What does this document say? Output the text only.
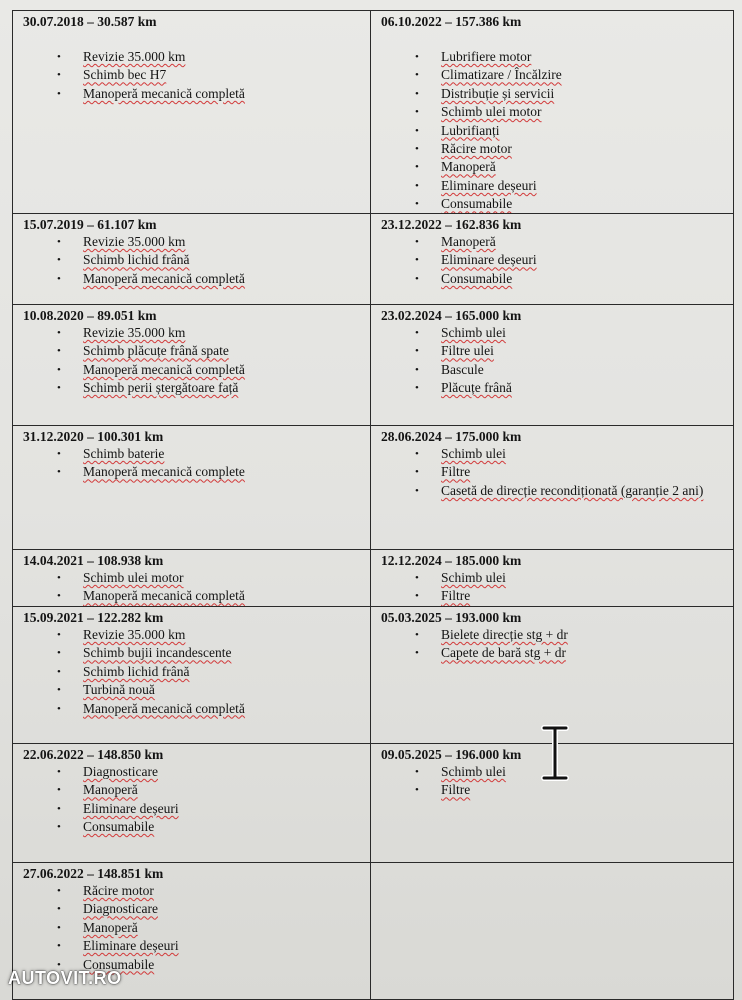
30.07.2018 – 30.587 km
• Revizie 35.000 km
• Schimb bec H7
• Manoperă mecanică completă
06.10.2022 – 157.386 km
• Lubrifiere motor
• Climatizare / Încălzire
• Distribuție și servicii
• Schimb ulei motor
• Lubrifianți
• Răcire motor
• Manoperă
• Eliminare deșeuri
• Consumabile
15.07.2019 – 61.107 km
• Revizie 35.000 km
• Schimb lichid frână
• Manoperă mecanică completă
23.12.2022 – 162.836 km
• Manoperă
• Eliminare deșeuri
• Consumabile
10.08.2020 – 89.051 km
• Revizie 35.000 km
• Schimb plăcuțe frână spate
• Manoperă mecanică completă
• Schimb perii ștergătoare față
23.02.2024 – 165.000 km
• Schimb ulei
• Filtre ulei
• Bascule
• Plăcuțe frână
31.12.2020 – 100.301 km
• Schimb baterie
• Manoperă mecanică complete
28.06.2024 – 175.000 km
• Schimb ulei
• Filtre
• Casetă de direcție recondiționată (garanție 2 ani)
14.04.2021 – 108.938 km
• Schimb ulei motor
• Manoperă mecanică completă
12.12.2024 – 185.000 km
• Schimb ulei
• Filtre
15.09.2021 – 122.282 km
• Revizie 35.000 km
• Schimb bujii incandescente
• Schimb lichid frână
• Turbină nouă
• Manoperă mecanică completă
05.03.2025 – 193.000 km
• Bielete direcție stg + dr
• Capete de bară stg + dr
22.06.2022 – 148.850 km
• Diagnosticare
• Manoperă
• Eliminare deșeuri
• Consumabile
09.05.2025 – 196.000 km
• Schimb ulei
• Filtre
27.06.2022 – 148.851 km
• Răcire motor
• Diagnosticare
• Manoperă
• Eliminare deșeuri
• Consumabile
AUTOVIT.RO
